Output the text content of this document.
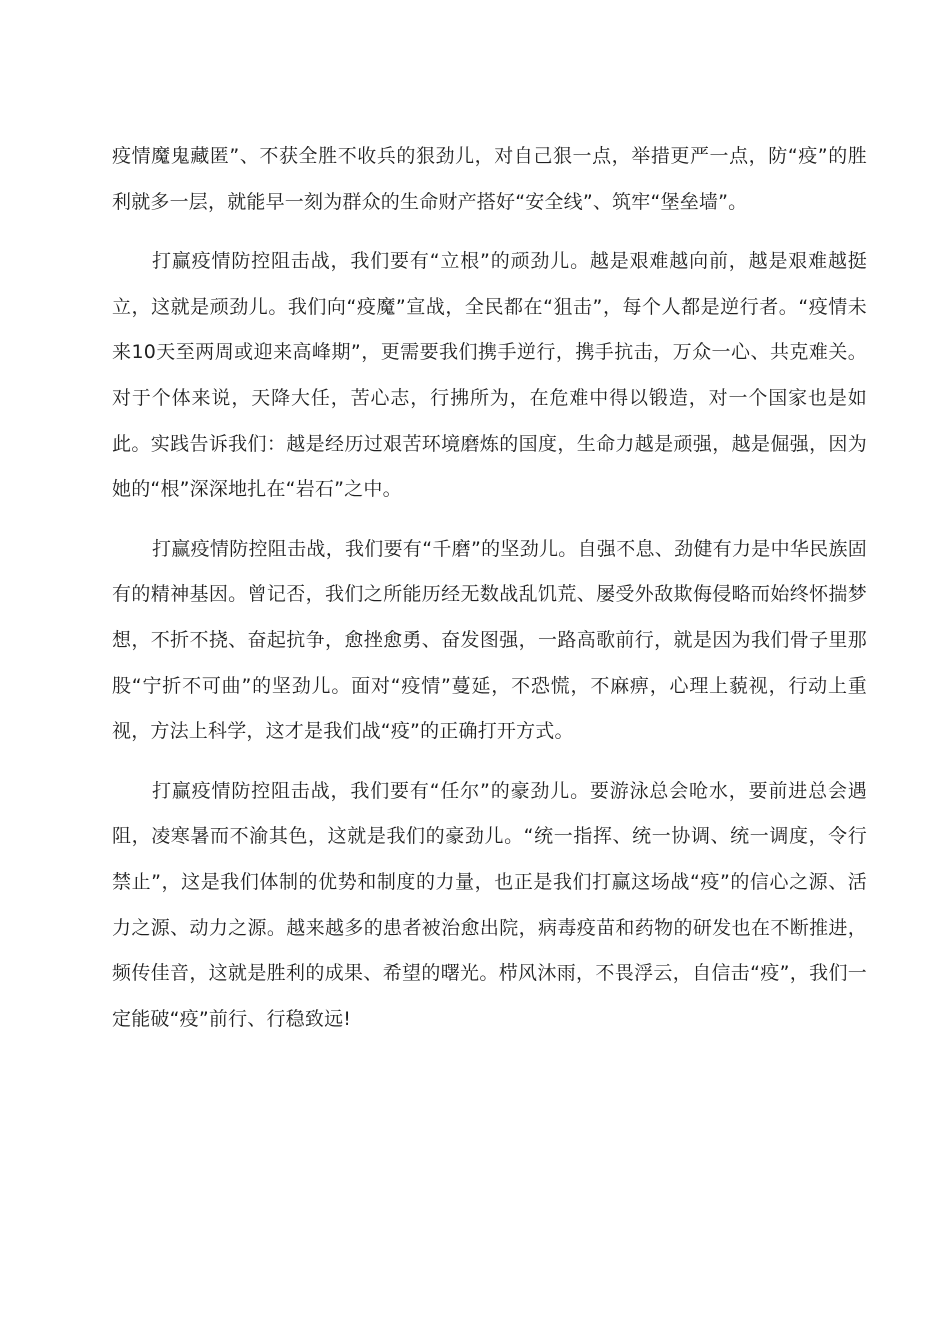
疫情魔鬼藏匿”、不获全胜不收兵的狠劲儿，对自己狠一点，举措更严一点，防“疫”的胜利就多一层，就能早一刻为群众的生命财产搭好“安全线”、筑牢“堡垒墙”。

打赢疫情防控阻击战，我们要有“立根”的顽劲儿。越是艰难越向前，越是艰难越挺立，这就是顽劲儿。我们向“疫魔”宣战，全民都在“狙击”，每个人都是逆行者。“疫情未来10天至两周或迎来高峰期”，更需要我们携手逆行，携手抗击，万众一心、共克难关。对于个体来说，天降大任，苦心志，行拂所为，在危难中得以锻造，对一个国家也是如此。实践告诉我们：越是经历过艰苦环境磨炼的国度，生命力越是顽强，越是倔强，因为她的“根”深深地扎在“岩石”之中。

打赢疫情防控阻击战，我们要有“千磨”的坚劲儿。自强不息、劲健有力是中华民族固有的精神基因。曾记否，我们之所能历经无数战乱饥荒、屡受外敌欺侮侵略而始终怀揣梦想，不折不挠、奋起抗争，愈挫愈勇、奋发图强，一路高歌前行，就是因为我们骨子里那股“宁折不可曲”的坚劲儿。面对“疫情”蔓延，不恐慌，不麻痹，心理上藐视，行动上重视，方法上科学，这才是我们战“疫”的正确打开方式。

打赢疫情防控阻击战，我们要有“任尔”的豪劲儿。要游泳总会呛水，要前进总会遇阻，凌寒暑而不渝其色，这就是我们的豪劲儿。“统一指挥、统一协调、统一调度，令行禁止”，这是我们体制的优势和制度的力量，也正是我们打赢这场战“疫”的信心之源、活力之源、动力之源。越来越多的患者被治愈出院，病毒疫苗和药物的研发也在不断推进，频传佳音，这就是胜利的成果、希望的曙光。栉风沐雨，不畏浮云，自信击“疫”，我们一定能破“疫”前行、行稳致远!
